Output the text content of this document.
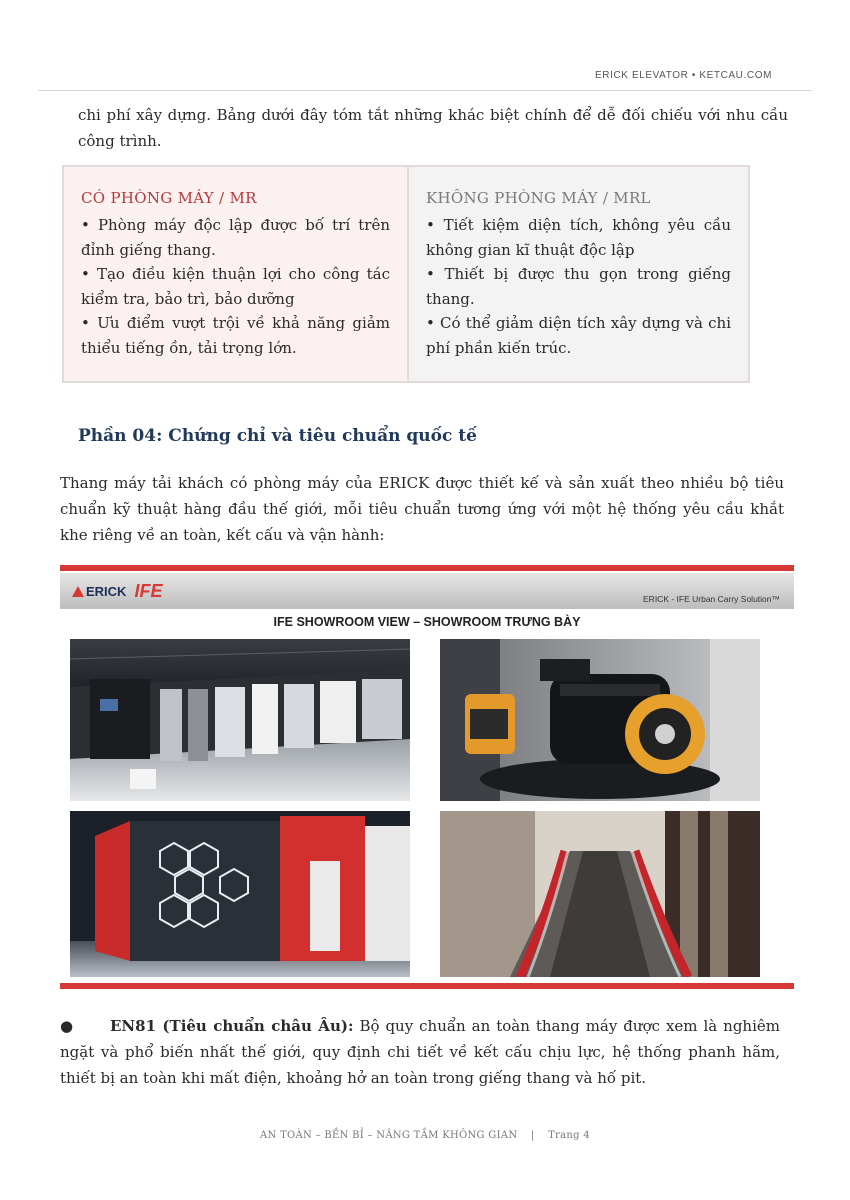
ERICK ELEVATOR • KETCAU.COM

chi phí xây dựng. Bảng dưới đây tóm tắt những khác biệt chính để dễ đối chiếu với nhu cầu công trình.

CÓ PHÒNG MÁY / MR

• Phòng máy độc lập được bố trí trên đỉnh giếng thang.

• Tạo điều kiện thuận lợi cho công tác kiểm tra, bảo trì, bảo dưỡng

• Ưu điểm vượt trội về khả năng giảm thiểu tiếng ồn, tải trọng lớn.

KHÔNG PHÒNG MÁY / MRL

• Tiết kiệm diện tích, không yêu cầu không gian kĩ thuật độc lập

• Thiết bị được thu gọn trong giếng thang.

• Có thể giảm diện tích xây dựng và chi phí phần kiến trúc.

Phần 04: Chứng chỉ và tiêu chuẩn quốc tế

Thang máy tải khách có phòng máy của ERICK được thiết kế và sản xuất theo nhiều bộ tiêu chuẩn kỹ thuật hàng đầu thế giới, mỗi tiêu chuẩn tương ứng với một hệ thống yêu cầu khắt khe riêng về an toàn, kết cấu và vận hành:

ERICK IFE	ERICK - IFE Urban Carry Solution™
IFE SHOWROOM VIEW – SHOWROOM TRƯNG BÀY

● EN81 (Tiêu chuẩn châu Âu): Bộ quy chuẩn an toàn thang máy được xem là nghiêm ngặt và phổ biến nhất thế giới, quy định chi tiết về kết cấu chịu lực, hệ thống phanh hãm, thiết bị an toàn khi mất điện, khoảng hở an toàn trong giếng thang và hố pit.

AN TOÀN – BỀN BỈ – NÂNG TẦM KHÔNG GIAN | Trang 4
